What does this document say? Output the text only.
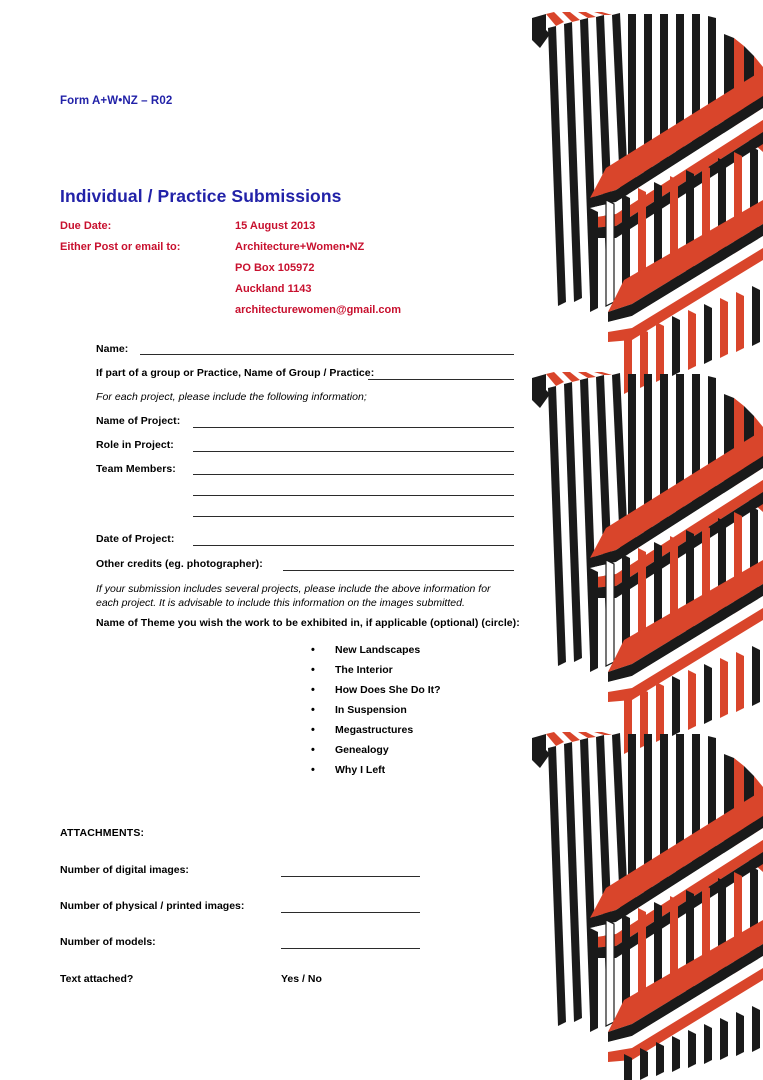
Form A+W•NZ – R02
Individual / Practice Submissions
Due Date:	15 August 2013
Either Post or email to:	Architecture+Women•NZ
PO Box 105972
Auckland 1143
architecturewomen@gmail.com
Name:
If part of a group or Practice, Name of Group / Practice:
For each project, please include the following information;
Name of Project:
Role in Project:
Team Members:
Date of Project:
Other credits (eg. photographer):
If your submission includes several projects, please include the above information for each project. It is advisable to include this information on the images submitted.
Name of Theme you wish the work to be exhibited in, if applicable (optional) (circle):
• New Landscapes
• The Interior
• How Does She Do It?
• In Suspension
• Megastructures
• Genealogy
• Why I Left
ATTACHMENTS:
Number of digital images:
Number of physical / printed images:
Number of models:
Text attached?	Yes / No
